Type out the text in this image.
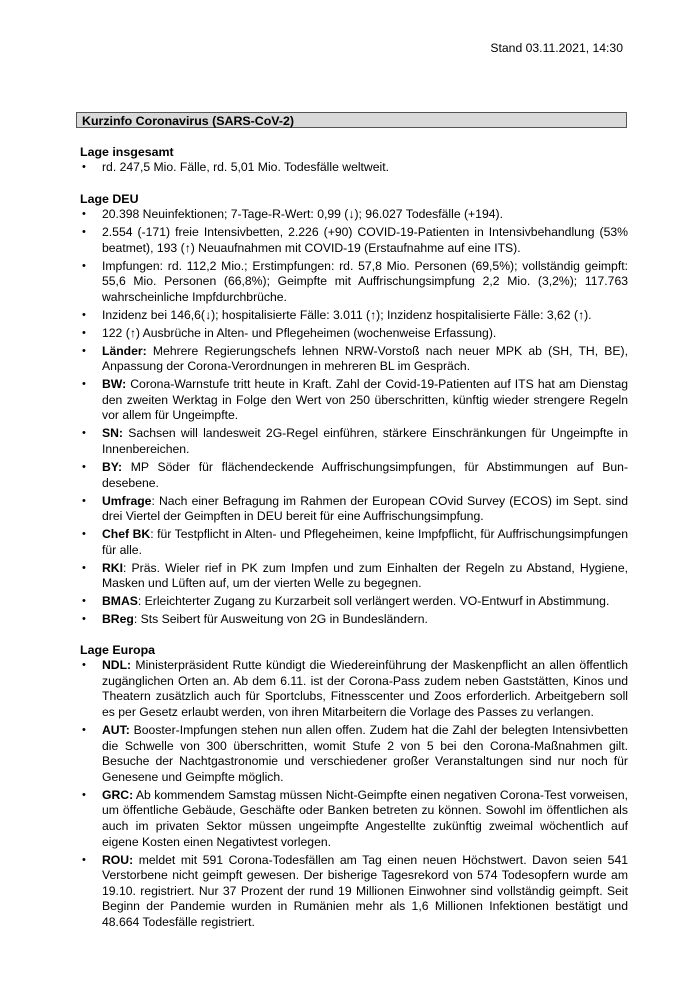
Stand 03.11.2021, 14:30
Kurzinfo Coronavirus (SARS-CoV-2)

Lage insgesamt

• rd. 247,5 Mio. Fälle, rd. 5,01 Mio. Todesfälle weltweit.

Lage DEU

• 20.398 Neuinfektionen; 7-Tage-R-Wert: 0,99 (↓); 96.027 Todesfälle (+194).
• 2.554 (-171) freie Intensivbetten, 2.226 (+90) COVID-19-Patienten in Intensivbehandlung (53% beatmet), 193 (↑) Neuaufnahmen mit COVID-19 (Erstaufnahme auf eine ITS).
• Impfungen: rd. 112,2 Mio.; Erstimpfungen: rd. 57,8 Mio. Personen (69,5%); vollständig geimpft: 55,6 Mio. Personen (66,8%); Geimpfte mit Auffrischungsimpfung 2,2 Mio. (3,2%); 117.763 wahrscheinliche Impfdurchbrüche.
• Inzidenz bei 146,6(↓); hospitalisierte Fälle: 3.011 (↑); Inzidenz hospitalisierte Fälle: 3,62 (↑).
• 122 (↑) Ausbrüche in Alten- und Pflegeheimen (wochenweise Erfassung).
• Länder: Mehrere Regierungschefs lehnen NRW-Vorstoß nach neuer MPK ab (SH, TH, BE), Anpassung der Corona-Verordnungen in mehreren BL im Gespräch.
• BW: Corona-Warnstufe tritt heute in Kraft. Zahl der Covid-19-Patienten auf ITS hat am Dienstag den zweiten Werktag in Folge den Wert von 250 überschritten, künftig wieder strengere Regeln vor allem für Ungeimpfte.
• SN: Sachsen will landesweit 2G-Regel einführen, stärkere Einschränkungen für Ungeimpfte in Innenbereichen.
• BY: MP Söder für flächendeckende Auffrischungsimpfungen, für Abstimmungen auf Bundesebene.
• Umfrage: Nach einer Befragung im Rahmen der European COvid Survey (ECOS) im Sept. sind drei Viertel der Geimpften in DEU bereit für eine Auffrischungsimpfung.
• Chef BK: für Testpflicht in Alten- und Pflegeheimen, keine Impfpflicht, für Auffrischungsimpfungen für alle.
• RKI: Präs. Wieler rief in PK zum Impfen und zum Einhalten der Regeln zu Abstand, Hygiene, Masken und Lüften auf, um der vierten Welle zu begegnen.
• BMAS: Erleichterter Zugang zu Kurzarbeit soll verlängert werden. VO-Entwurf in Abstimmung.
• BReg: Sts Seibert für Ausweitung von 2G in Bundesländern.

Lage Europa

• NDL: Ministerpräsident Rutte kündigt die Wiedereinführung der Maskenpflicht an allen öffentlich zugänglichen Orten an. Ab dem 6.11. ist der Corona-Pass zudem neben Gaststätten, Kinos und Theatern zusätzlich auch für Sportclubs, Fitnesscenter und Zoos erforderlich. Arbeitgebern soll es per Gesetz erlaubt werden, von ihren Mitarbeitern die Vorlage des Passes zu verlangen.
• AUT: Booster-Impfungen stehen nun allen offen. Zudem hat die Zahl der belegten Intensivbetten die Schwelle von 300 überschritten, womit Stufe 2 von 5 bei den Corona-Maßnahmen gilt. Besuche der Nachtgastronomie und verschiedener großer Veranstaltungen sind nur noch für Genesene und Geimpfte möglich.
• GRC: Ab kommendem Samstag müssen Nicht-Geimpfte einen negativen Corona-Test vorweisen, um öffentliche Gebäude, Geschäfte oder Banken betreten zu können. Sowohl im öffentlichen als auch im privaten Sektor müssen ungeimpfte Angestellte zukünftig zweimal wöchentlich auf eigene Kosten einen Negativtest vorlegen.
• ROU: meldet mit 591 Corona-Todesfällen am Tag einen neuen Höchstwert. Davon seien 541 Verstorbene nicht geimpft gewesen. Der bisherige Tagesrekord von 574 Todesopfern wurde am 19.10. registriert. Nur 37 Prozent der rund 19 Millionen Einwohner sind vollständig geimpft. Seit Beginn der Pandemie wurden in Rumänien mehr als 1,6 Millionen Infektionen bestätigt und 48.664 Todesfälle registriert.
